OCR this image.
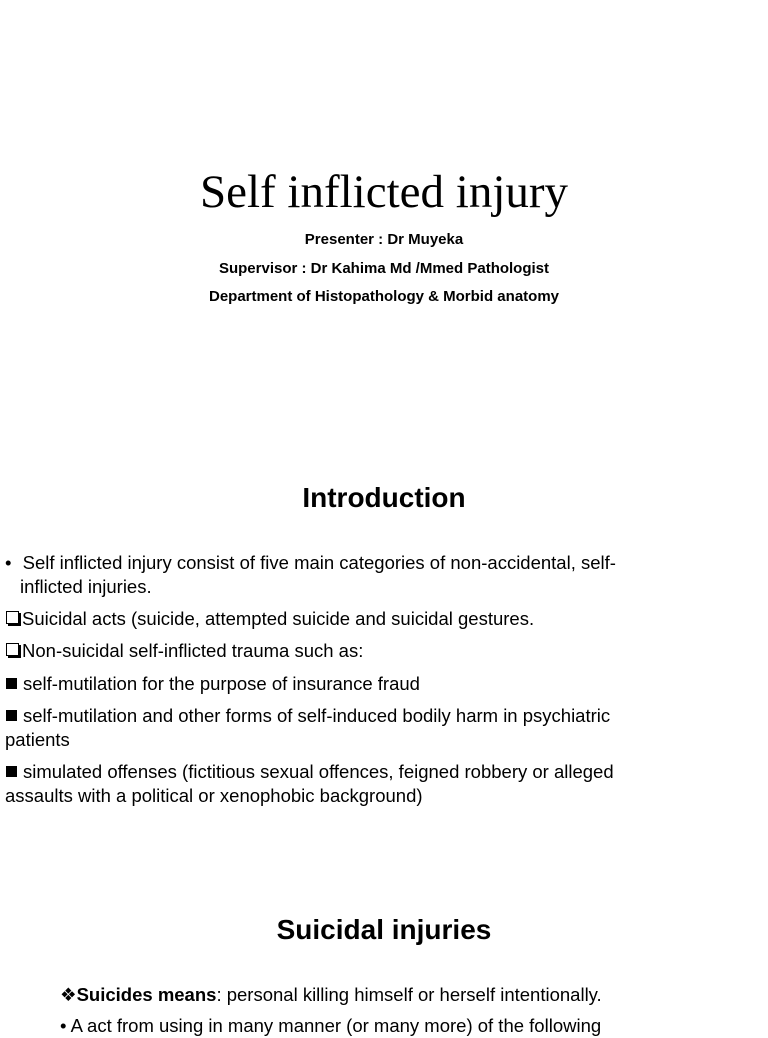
Self inflicted injury
Presenter : Dr Muyeka
Supervisor : Dr Kahima Md /Mmed Pathologist
Department of Histopathology & Morbid anatomy
Introduction
• Self inflicted injury consist of five main categories of non-accidental, self-
inflicted injuries.
Suicidal acts (suicide, attempted suicide and suicidal gestures.
Non-suicidal self-inflicted trauma such as:
self-mutilation for the purpose of insurance fraud
self-mutilation and other forms of self-induced bodily harm in psychiatric
patients
simulated offenses (fictitious sexual offences, feigned robbery or alleged
assaults with a political or xenophobic background)
Suicidal injuries
❖Suicides means: personal killing himself or herself intentionally.
• A act from using in many manner (or many more) of the following
